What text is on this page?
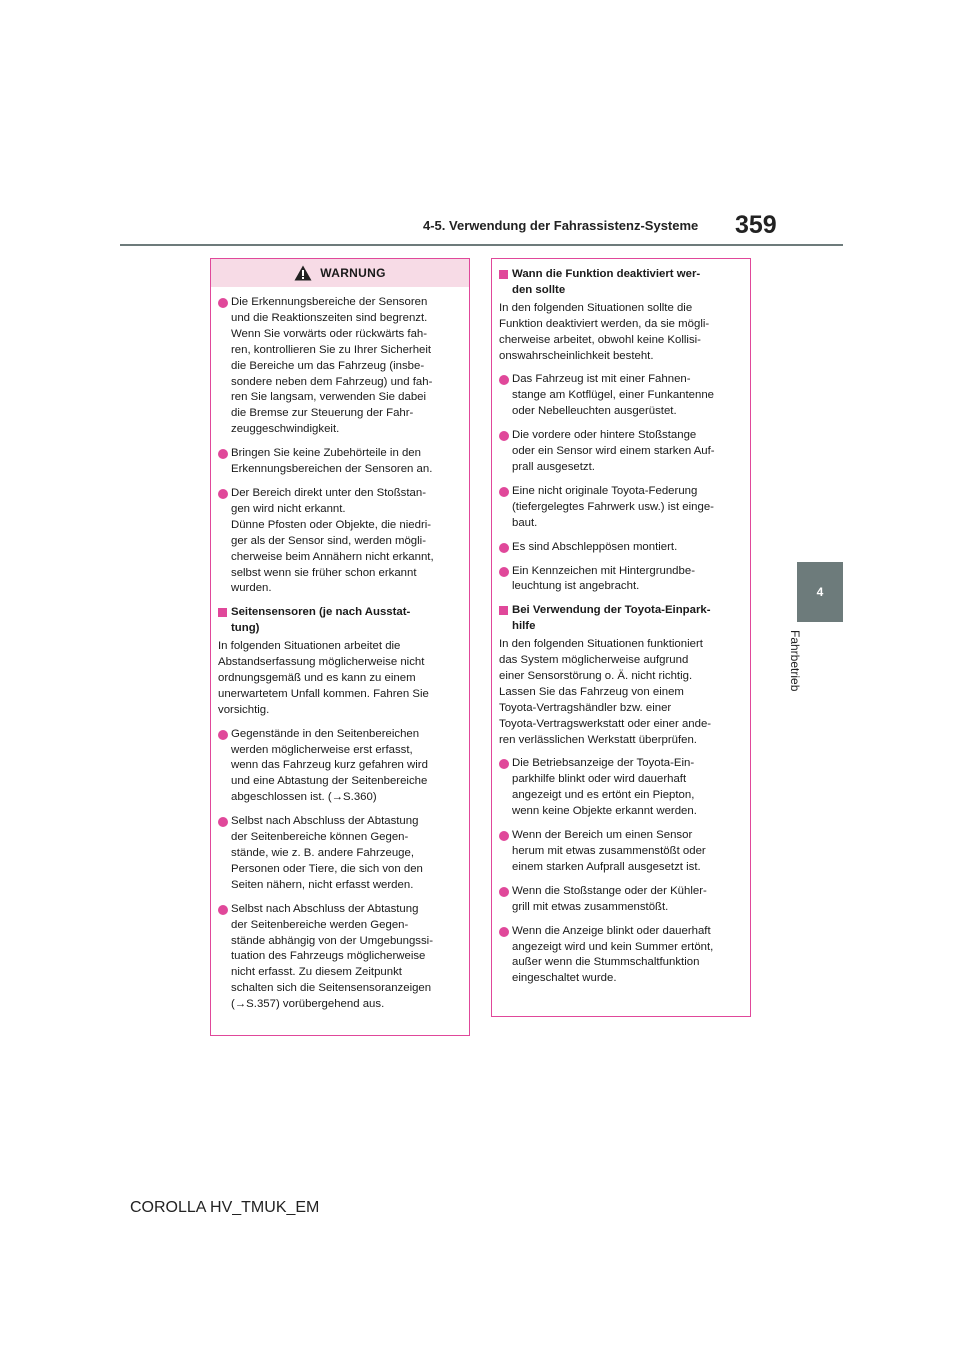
4-5. Verwendung der Fahrassistenz-Systeme 359
4
Fahrbetrieb
WARNUNG
Die Erkennungsbereiche der Sensoren
und die Reaktionszeiten sind begrenzt.
Wenn Sie vorwärts oder rückwärts fah-
ren, kontrollieren Sie zu Ihrer Sicherheit
die Bereiche um das Fahrzeug (insbe-
sondere neben dem Fahrzeug) und fah-
ren Sie langsam, verwenden Sie dabei
die Bremse zur Steuerung der Fahr-
zeuggeschwindigkeit.
Bringen Sie keine Zubehörteile in den
Erkennungsbereichen der Sensoren an.
Der Bereich direkt unter den Stoßstan-
gen wird nicht erkannt.
Dünne Pfosten oder Objekte, die niedri-
ger als der Sensor sind, werden mögli-
cherweise beim Annähern nicht erkannt,
selbst wenn sie früher schon erkannt
wurden.
Seitensensoren (je nach Ausstat-
tung)
In folgenden Situationen arbeitet die
Abstandserfassung möglicherweise nicht
ordnungsgemäß und es kann zu einem
unerwartetem Unfall kommen. Fahren Sie
vorsichtig.
Gegenstände in den Seitenbereichen
werden möglicherweise erst erfasst,
wenn das Fahrzeug kurz gefahren wird
und eine Abtastung der Seitenbereiche
abgeschlossen ist. (→S.360)
Selbst nach Abschluss der Abtastung
der Seitenbereiche können Gegen-
stände, wie z. B. andere Fahrzeuge,
Personen oder Tiere, die sich von den
Seiten nähern, nicht erfasst werden.
Selbst nach Abschluss der Abtastung
der Seitenbereiche werden Gegen-
stände abhängig von der Umgebungssi-
tuation des Fahrzeugs möglicherweise
nicht erfasst. Zu diesem Zeitpunkt
schalten sich die Seitensensoranzeigen
(→S.357) vorübergehend aus.
Wann die Funktion deaktiviert wer-
den sollte
In den folgenden Situationen sollte die
Funktion deaktiviert werden, da sie mögli-
cherweise arbeitet, obwohl keine Kollisi-
onswahrscheinlichkeit besteht.
Das Fahrzeug ist mit einer Fahnen-
stange am Kotflügel, einer Funkantenne
oder Nebelleuchten ausgerüstet.
Die vordere oder hintere Stoßstange
oder ein Sensor wird einem starken Auf-
prall ausgesetzt.
Eine nicht originale Toyota-Federung
(tiefergelegtes Fahrwerk usw.) ist einge-
baut.
Es sind Abschleppösen montiert.
Ein Kennzeichen mit Hintergrundbe-
leuchtung ist angebracht.
Bei Verwendung der Toyota-Einpark-
hilfe
In den folgenden Situationen funktioniert
das System möglicherweise aufgrund
einer Sensorstörung o. Ä. nicht richtig.
Lassen Sie das Fahrzeug von einem
Toyota-Vertragshändler bzw. einer
Toyota-Vertragswerkstatt oder einer ande-
ren verlässlichen Werkstatt überprüfen.
Die Betriebsanzeige der Toyota-Ein-
parkhilfe blinkt oder wird dauerhaft
angezeigt und es ertönt ein Piepton,
wenn keine Objekte erkannt werden.
Wenn der Bereich um einen Sensor
herum mit etwas zusammenstößt oder
einem starken Aufprall ausgesetzt ist.
Wenn die Stoßstange oder der Kühler-
grill mit etwas zusammenstößt.
Wenn die Anzeige blinkt oder dauerhaft
angezeigt wird und kein Summer ertönt,
außer wenn die Stummschaltfunktion
eingeschaltet wurde.
COROLLA HV_TMUK_EM
